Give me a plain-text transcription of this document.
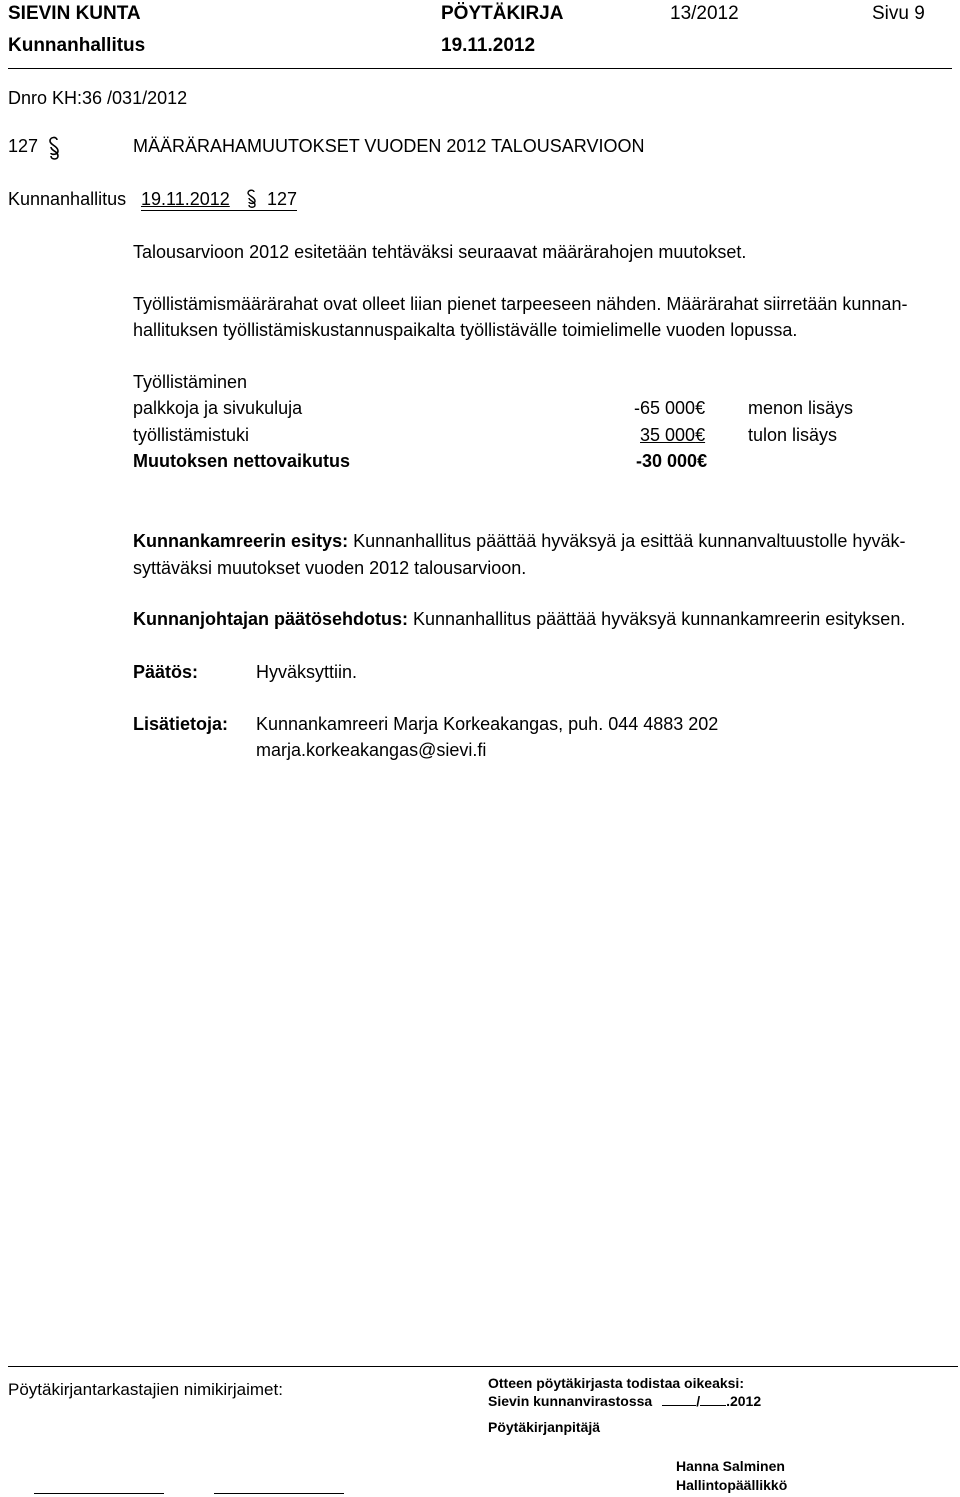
SIEVIN KUNTA	PÖYTÄKIRJA	13/2012	Sivu 9
Kunnanhallitus	19.11.2012
Dnro KH:36 /031/2012
127	MÄÄRÄRAHAMUUTOKSET VUODEN 2012 TALOUSARVIOON
Kunnanhallitus 19.11.2012 127
Talousarvioon 2012 esitetään tehtäväksi seuraavat määrärahojen muutokset.
Työllistämismäärärahat ovat olleet liian pienet tarpeeseen nähden. Määrärahat siirretään kunnan-
hallituksen työllistämiskustannuspaikalta työllistävälle toimielimelle vuoden lopussa.
Työllistäminen
palkkoja ja sivukuluja	-65 000€ menon lisäys
työllistämistuki	35 000€ tulon lisäys
Muutoksen nettovaikutus	-30 000€
Kunnankamreerin esitys: Kunnanhallitus päättää hyväksyä ja esittää kunnanvaltuustolle hyväk-
syttäväksi muutokset vuoden 2012 talousarvioon.
Kunnanjohtajan päätösehdotus: Kunnanhallitus päättää hyväksyä kunnankamreerin esityksen.
Päätös:	Hyväksyttiin.
Lisätietoja: Kunnankamreeri Marja Korkeakangas, puh. 044 4883 202
marja.korkeakangas@sievi.fi
Pöytäkirjantarkastajien nimikirjaimet:	Otteen pöytäkirjasta todistaa oikeaksi:
Sievin kunnanvirastossa	/ .2012
Pöytäkirjanpitäjä
Hanna Salminen
Hallintopäällikkö
